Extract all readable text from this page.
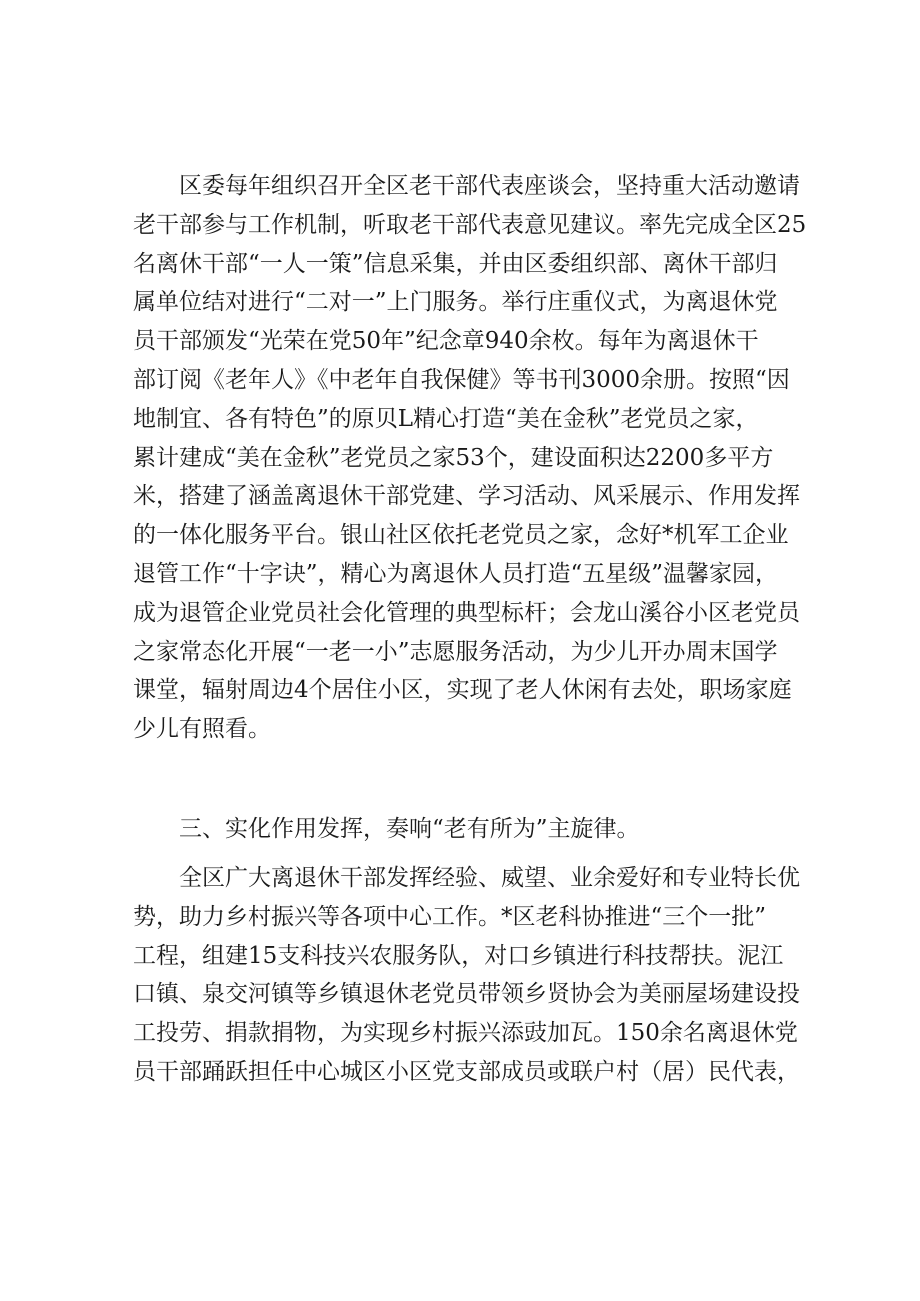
　　区委每年组织召开全区老干部代表座谈会，坚持重大活动邀请
老干部参与工作机制，听取老干部代表意见建议。率先完成全区25
名离休干部“一人一策”信息采集，并由区委组织部、离休干部归
属单位结对进行“二对一”上门服务。举行庄重仪式，为离退休党
员干部颁发“光荣在党50年”纪念章940余枚。每年为离退休干
部订阅《老年人》《中老年自我保健》等书刊3000余册。按照“因
地制宜、各有特色”的原贝L精心打造“美在金秋”老党员之家，
累计建成“美在金秋”老党员之家53个，建设面积达2200多平方
米，搭建了涵盖离退休干部党建、学习活动、风采展示、作用发挥
的一体化服务平台。银山社区依托老党员之家，念好*机军工企业
退管工作“十字诀”，精心为离退休人员打造“五星级”温馨家园，
成为退管企业党员社会化管理的典型标杆；会龙山溪谷小区老党员
之家常态化开展“一老一小”志愿服务活动，为少儿开办周末国学
课堂，辐射周边4个居住小区，实现了老人休闲有去处，职场家庭
少儿有照看。
　　三、实化作用发挥，奏响“老有所为”主旋律。
　　全区广大离退休干部发挥经验、威望、业余爱好和专业特长优
势，助力乡村振兴等各项中心工作。*区老科协推进“三个一批”
工程，组建15支科技兴农服务队，对口乡镇进行科技帮扶。泥江
口镇、泉交河镇等乡镇退休老党员带领乡贤协会为美丽屋场建设投
工投劳、捐款捐物，为实现乡村振兴添豉加瓦。150余名离退休党
员干部踊跃担任中心城区小区党支部成员或联户村（居）民代表，
